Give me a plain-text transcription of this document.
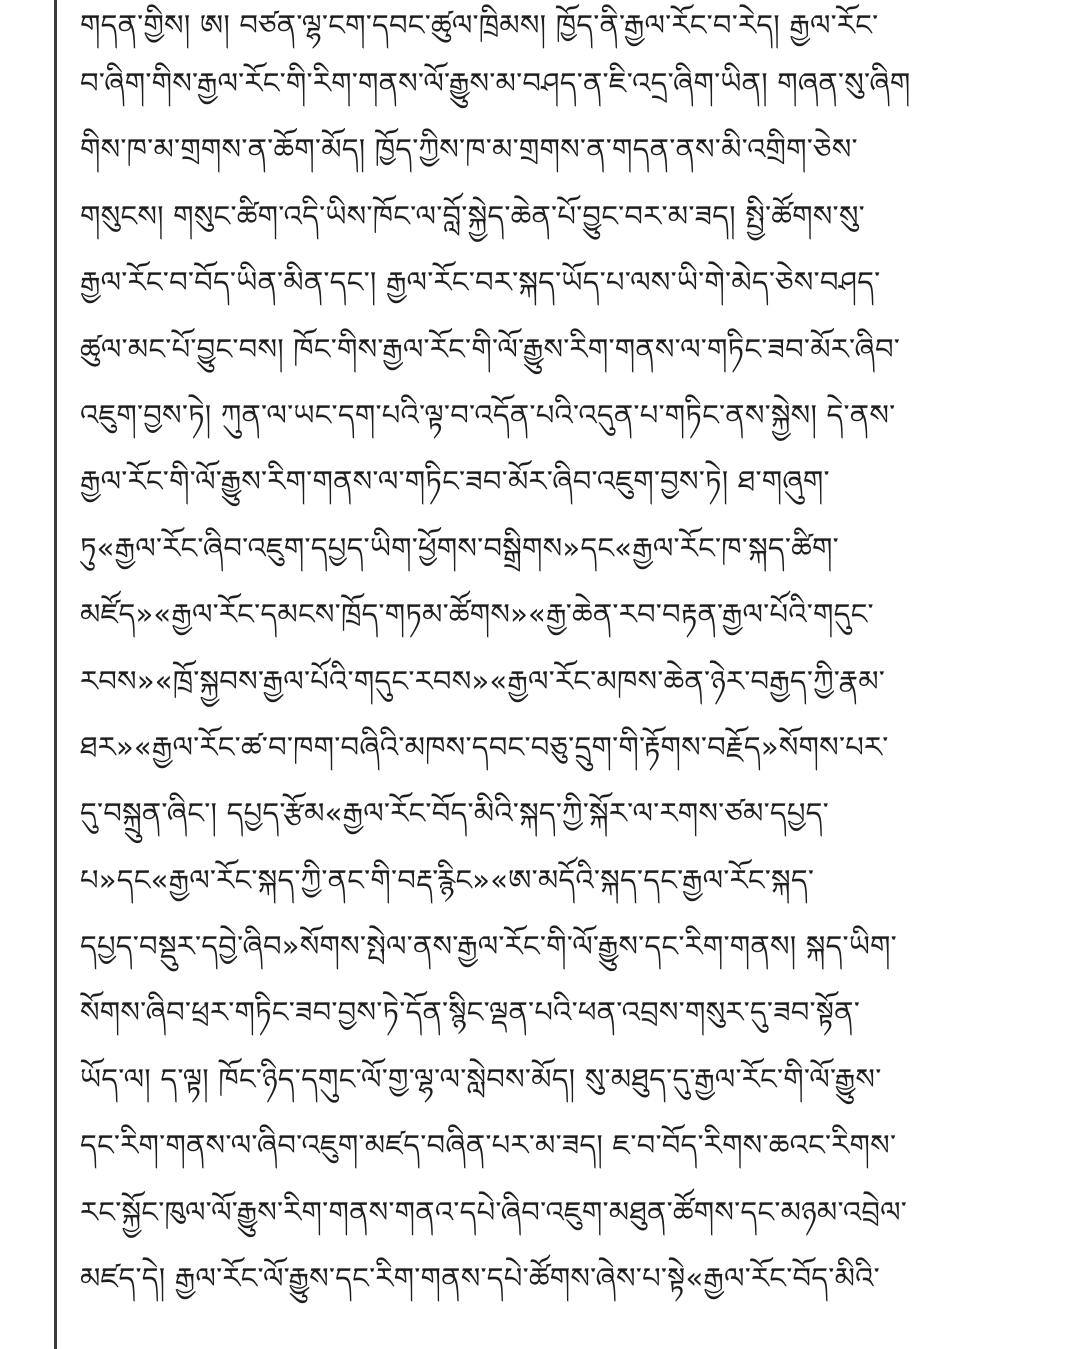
གདན་གྱིས། ཨ། བཙན་ལྷ་ངག་དབང་ཚུལ་ཁྲིམས། ཁྱོད་ནི་རྒྱལ་རོང་བ་རེད། རྒྱལ་རོང་
བ་ཞིག་གིས་རྒྱལ་རོང་གི་རིག་གནས་ལོ་རྒྱུས་མ་བཤད་ན་ཇི་འདྲ་ཞིག་ཡིན། གཞན་སུ་ཞིག
གིས་ཁ་མ་གྲགས་ན་ཆོག་མོད། ཁྱོད་ཀྱིས་ཁ་མ་གྲགས་ན་གདན་ནས་མི་འགྲིག་ཅེས་
གསུངས། གསུང་ཚིག་འདི་ཡིས་ཁོང་ལ་བློ་སྐྱེད་ཆེན་པོ་བྱུང་བར་མ་ཟད། སྤྱི་ཚོགས་སུ་
རྒྱལ་རོང་བ་བོད་ཡིན་མིན་དང་། རྒྱལ་རོང་བར་སྐད་ཡོད་པ་ལས་ཡི་གེ་མེད་ཅེས་བཤད་
ཚུལ་མང་པོ་བྱུང་བས། ཁོང་གིས་རྒྱལ་རོང་གི་ལོ་རྒྱུས་རིག་གནས་ལ་གཏིང་ཟབ་མོར་ཞིབ་
འཇུག་བྱས་ཏེ། ཀུན་ལ་ཡང་དག་པའི་ལྟ་བ་འདོན་པའི་འདུན་པ་གཏིང་ནས་སྐྱེས། དེ་ནས་
རྒྱལ་རོང་གི་ལོ་རྒྱུས་རིག་གནས་ལ་གཏིང་ཟབ་མོར་ཞིབ་འཇུག་བྱས་ཏེ། ཐ་གཞུག་
ཏུ«རྒྱལ་རོང་ཞིབ་འཇུག་དཔྱད་ཡིག་ཕྱོགས་བསྒྲིགས»དང«རྒྱལ་རོང་ཁ་སྐད་ཚིག་
མཛོད»«རྒྱལ་རོང་དམངས་ཁྲོད་གཏམ་ཚོགས»«རྒྱ་ཆེན་རབ་བརྟན་རྒྱལ་པོའི་གདུང་
རབས»«ཁྲོ་སྐྱབས་རྒྱལ་པོའི་གདུང་རབས»«རྒྱལ་རོང་མཁས་ཆེན་ཉེར་བརྒྱད་ཀྱི་རྣམ་
ཐར»«རྒྱལ་རོང་ཚ་བ་ཁག་བཞིའི་མཁས་དབང་བཅུ་དྲུག་གི་རྟོགས་བརྗོད»སོགས་པར་
དུ་བསྐྲུན་ཞིང་། དཔྱད་རྩོམ«རྒྱལ་རོང་བོད་མིའི་སྐད་ཀྱི་སྐོར་ལ་རགས་ཙམ་དཔྱད་
པ»དང«རྒྱལ་རོང་སྐད་ཀྱི་ནང་གི་བརྡ་རྙིང»«ཨ་མདོའི་སྐད་དང་རྒྱལ་རོང་སྐད་
དཔྱད་བསྡུར་དབྱེ་ཞིབ»སོགས་སྤེལ་ནས་རྒྱལ་རོང་གི་ལོ་རྒྱུས་དང་རིག་གནས། སྐད་ཡིག་
སོགས་ཞིབ་ཕྲར་གཏིང་ཟབ་བྱས་ཏེ་དོན་སྙིང་ལྡན་པའི་ཕན་འབྲས་གསུར་དུ་ཟབ་སྟོན་
ཡོད་ལ། ད་ལྟ། ཁོང་ཉིད་དགུང་ལོ་གྱ་ལྷ་ལ་སླེབས་མོད། སུ་མཐུད་དུ་རྒྱལ་རོང་གི་ལོ་རྒྱུས་
དང་རིག་གནས་ལ་ཞིབ་འཇུག་མཛད་བཞིན་པར་མ་ཟད། ཇ་བ་བོད་རིགས་ཆའང་རིགས་
རང་སྐྱོང་ཁུལ་ལོ་རྒྱུས་རིག་གནས་གནའ་དཔེ་ཞིབ་འཇུག་མཐུན་ཚོགས་དང་མཉམ་འབྲེལ་
མཛད་དེ། རྒྱལ་རོང་ལོ་རྒྱུས་དང་རིག་གནས་དཔེ་ཚོགས་ཞེས་པ་སྟེ«རྒྱལ་རོང་བོད་མིའི་
